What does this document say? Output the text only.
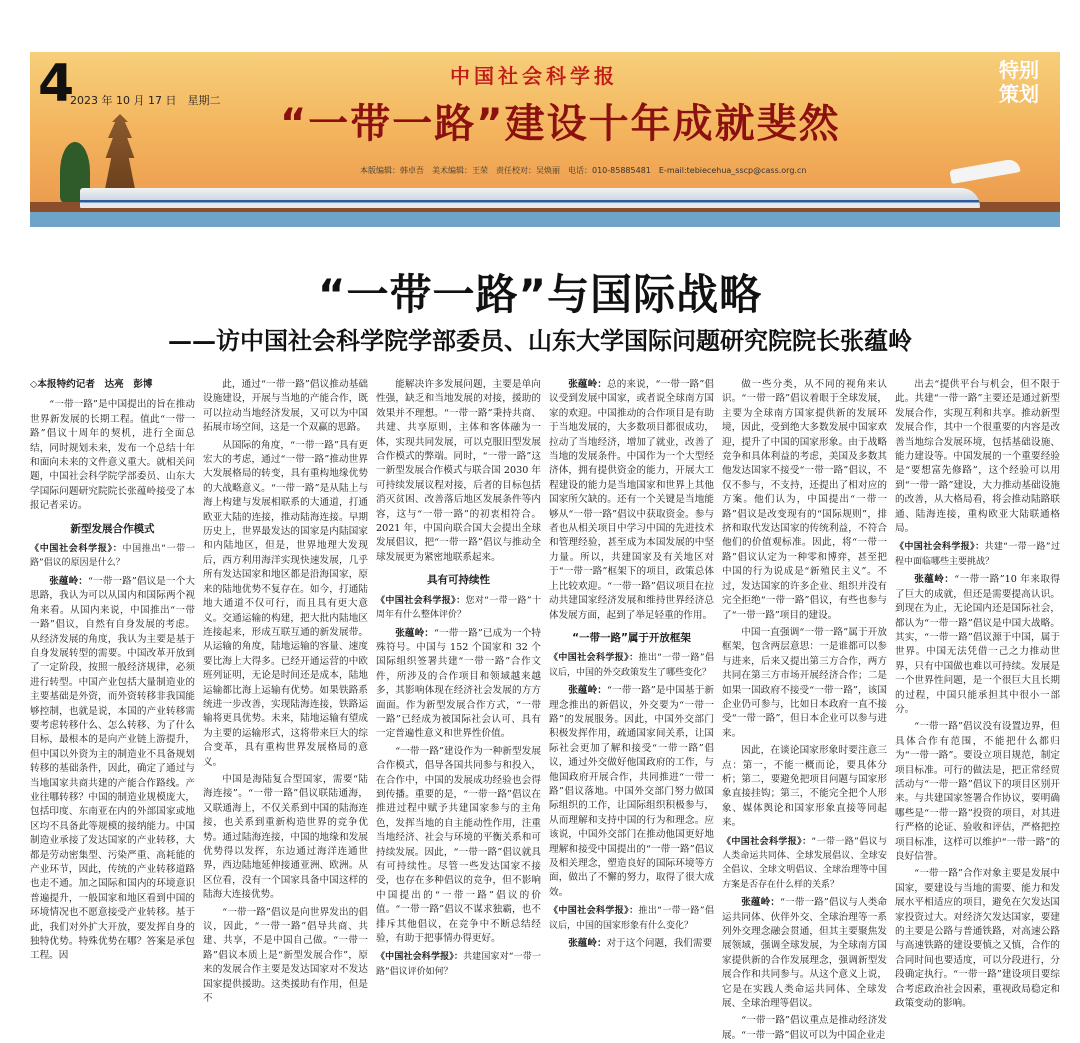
4
2023 年 10 月 17 日　星期二
中国社会科学报
“一带一路”建设十年成就斐然
特别策划
本版编辑：韩卓吾　美术编辑：王荣　责任校对：吴焕丽　电话：010-85885481　E-mail:tebiecehua_sscp@cass.org.cn
“一带一路”与国际战略
——访中国社会科学院学部委员、山东大学国际问题研究院院长张蕴岭

◇本报特约记者　达亮　彭博

“一带一路”是中国提出的旨在推动世界新发展的长期工程。值此“一带一路”倡议十周年的契机，进行全面总结，同时规划未来，发布一个总结十年和面向未来的文件意义重大。就相关问题，中国社会科学院学部委员、山东大学国际问题研究院院长张蕴岭接受了本报记者采访。

新型发展合作模式

《中国社会科学报》：中国推出“一带一路”倡议的原因是什么？

张蕴岭：“一带一路”倡议是一个大思路，我认为可以从国内和国际两个视角来看。从国内来说，中国推出“一带一路”倡议，自然有自身发展的考虑。从经济发展的角度，我认为主要是基于自身发展转型的需要。中国改革开放到了一定阶段，按照一般经济规律，必须进行转型。中国产业包括大量制造业的主要基础是外资，而外资转移非我国能够控制，也就是说，本国的产业转移需要考虑转移什么、怎么转移、为了什么目标，最根本的是向产业链上游提升，但中国以外资为主的制造业不具备规划转移的基础条件，因此，确定了通过与当地国家共商共建的产能合作路线。产业往哪转移？中国的制造业规模庞大，包括印度、东南亚在内的外部国家或地区均不具备此等规模的接纳能力。中国制造业承接了发达国家的产业转移，大都是劳动密集型、污染严重、高耗能的产业环节，因此，传统的产业转移道路也走不通。加之国际和国内的环境意识普遍提升，一般国家和地区看到中国的环境情况也不愿意接受产业转移。基于此，我们对外扩大开放，要发挥自身的独特优势。特殊优势在哪？答案是承包工程。因

此，通过“一带一路”倡议推动基础设施建设，开展与当地的产能合作，既可以拉动当地经济发展，又可以为中国拓展市场空间，这是一个双赢的思路。

从国际的角度，“一带一路”具有更宏大的考虑，通过“一带一路”推动世界大发展格局的转变，具有重构地缘优势的大战略意义。“一带一路”是从陆上与海上构建与发展相联系的大通道，打通欧亚大陆的连接，推动陆海连接。早期历史上，世界最发达的国家是内陆国家和内陆地区，但是，世界地理大发现后，西方利用海洋实现快速发展，几乎所有发达国家和地区都是沿海国家，原来的陆地优势不复存在。如今，打通陆地大通道不仅可行，而且具有更大意义。交通运输的构建，把大批内陆地区连接起来，形成互联互通的新发展带。从运输的角度，陆地运输的容量、速度要比海上大得多。已经开通运营的中欧班列证明，无论是时间还是成本，陆地运输都比海上运输有优势。如果铁路系统进一步改善，实现陆海连接，铁路运输将更具优势。未来，陆地运输有望成为主要的运输形式，这将带来巨大的综合变革，具有重构世界发展格局的意义。

中国是海陆复合型国家，需要“陆海连接”。“一带一路”倡议联陆通海，又联通海上，不仅关系到中国的陆海连接，也关系到重新构造世界的竞争优势。通过陆海连接，中国的地缘和发展优势得以发挥，东边通过海洋连通世界，西边陆地延伸接通亚洲、欧洲。从区位看，没有一个国家具备中国这样的陆海大连接优势。

“一带一路”倡议是向世界发出的倡议，因此，“一带一路”倡导共商、共建、共享，不是中国自己做。“一带一路”倡议本质上是“新型发展合作”，原来的发展合作主要是发达国家对不发达国家提供援助。这类援助有作用，但是不

能解决许多发展问题，主要是单向性强，缺乏和当地发展的对接，援助的效果并不理想。“一带一路”秉持共商、共建、共享原则，主体和客体融为一体，实现共同发展，可以克服旧型发展合作模式的弊端。同时，“一带一路”这一新型发展合作模式与联合国 2030 年可持续发展议程对接，后者的目标包括消灭贫困、改善落后地区发展条件等内容，这与“一带一路”的初衷相符合。2021 年，中国向联合国大会提出全球发展倡议，把“一带一路”倡议与推动全球发展更为紧密地联系起来。

具有可持续性

《中国社会科学报》：您对“一带一路”十周年有什么整体评价？

张蕴岭：“一带一路”已成为一个特殊符号。中国与 152 个国家和 32 个国际组织签署共建“一带一路”合作文件，所涉及的合作项目和领域越来越多，其影响体现在经济社会发展的方方面面。作为新型发展合作方式，“一带一路”已经成为被国际社会认可、具有一定普遍性意义和世界性价值。

“一带一路”建设作为一种新型发展合作模式，倡导各国共同参与和投入，在合作中，中国的发展成功经验也会得到传播。重要的是，“一带一路”倡议在推进过程中赋予共建国家参与的主角色，发挥当地的自主能动性作用，注重当地经济、社会与环境的平衡关系和可持续发展。因此，“一带一路”倡议就具有可持续性。尽管一些发达国家不接受，也存在多种倡议的竞争，但不影响中国提出的“一带一路”倡议的价值。“一带一路”倡议不谋求独霸，也不排斥其他倡议，在竞争中不断总结经验，有助于把事情办得更好。

《中国社会科学报》：共建国家对“一带一路”倡议评价如何？

张蕴岭：总的来说，“一带一路”倡议受到发展中国家，或者说全球南方国家的欢迎。中国推动的合作项目是有助于当地发展的，大多数项目都很成功，拉动了当地经济，增加了就业，改善了当地的发展条件。中国作为一个大型经济体，拥有提供资金的能力，开展大工程建设的能力是当地国家和世界上其他国家所欠缺的。还有一个关键是当地能够从“一带一路”倡议中获取资金。参与者也从相关项目中学习中国的先进技术和管理经验，甚至成为本国发展的中坚力量。所以，共建国家及有关地区对于“一带一路”框架下的项目，政策总体上比较欢迎。“一带一路”倡议项目在拉动共建国家经济发展和维持世界经济总体发展方面，起到了举足轻重的作用。

“一带一路”属于开放框架

《中国社会科学报》：推出“一带一路”倡议后，中国的外交政策发生了哪些变化？

张蕴岭：“一带一路”是中国基于新理念推出的新倡议，外交要为“一带一路”的发展服务。因此，中国外交部门积极发挥作用，疏通国家间关系，让国际社会更加了解和接受“一带一路”倡议，通过外交做好他国政府的工作，与他国政府开展合作，共同推进“一带一路”倡议落地。中国外交部门努力做国际组织的工作，让国际组织积极参与，从而理解和支持中国的行为和理念。应该说，中国外交部门在推动他国更好地理解和接受中国提出的“一带一路”倡议及相关理念，塑造良好的国际环境等方面，做出了不懈的努力，取得了很大成效。

《中国社会科学报》：推出“一带一路”倡议后，中国的国家形象有什么变化？

张蕴岭：对于这个问题，我们需要

做一些分类，从不同的视角来认识。“一带一路”倡议着眼于全球发展，主要为全球南方国家提供新的发展环境，因此，受到绝大多数发展中国家欢迎，提升了中国的国家形象。由于战略竞争和具体利益的考虑，美国及多数其他发达国家不接受“一带一路”倡议，不仅不参与，不支持，还提出了相对应的方案。他们认为，中国提出“一带一路”倡议是改变现有的“国际规则”，排挤和取代发达国家的传统利益，不符合他们的价值观标准。因此，将“一带一路”倡议认定为一种零和博弈，甚至把中国的行为说成是“新殖民主义”。不过，发达国家的许多企业、组织并没有完全拒绝“一带一路”倡议，有些也参与了“一带一路”项目的建设。

中国一直强调“一带一路”属于开放框架，包含两层意思：一是谁都可以参与进来，后来又提出第三方合作，两方共同在第三方市场开展经济合作；二是如果一国政府不接受“一带一路”，该国企业仍可参与，比如日本政府一直不接受“一带一路”，但日本企业可以参与进来。

因此，在谈论国家形象时要注意三点：第一，不能一概而论，要具体分析；第二，要避免把项目问题与国家形象直接挂钩；第三，不能完全把个人形象、媒体舆论和国家形象直接等同起来。

《中国社会科学报》：“一带一路”倡议与人类命运共同体、全球发展倡议、全球安全倡议、全球文明倡议、全球治理等中国方案是否存在什么样的关系？

张蕴岭：“一带一路”倡议与人类命运共同体、伙伴外交、全球治理等一系列外交理念融会贯通，但其主要聚焦发展领域，强调全球发展，为全球南方国家提供新的合作发展理念，强调新型发展合作和共同参与。从这个意义上说，它是在实践人类命运共同体、全球发展、全球治理等倡议。

“一带一路”倡议重点是推动经济发展。“一带一路”倡议可以为中国企业走

出去“提供平台与机会，但不限于此。共建“一带一路”主要还是通过新型发展合作，实现互利和共享。推动新型发展合作，其中一个很重要的内容是改善当地综合发展环境，包括基础设施、能力建设等。中国发展的一个重要经验是“要想富先修路”，这个经验可以用到“一带一路”建设，大力推动基础设施的改善，从大格局看，将会推动陆路联通、陆海连接，重构欧亚大陆联通格局。

《中国社会科学报》：共建“一带一路”过程中面临哪些主要挑战？

张蕴岭：“一带一路”10 年来取得了巨大的成就，但还是需要提高认识。到现在为止，无论国内还是国际社会，都认为“一带一路”倡议是中国大战略。其实，“一带一路”倡议源于中国，属于世界。中国无法凭借一己之力推动世界，只有中国做也难以可持续。发展是一个世界性问题，是一个很巨大且长期的过程，中国只能承担其中很小一部分。

“一带一路”倡议没有设置边界，但具体合作有范围，不能把什么都归为“一带一路”。要设立项目规范，制定项目标准。可行的做法是，把正常经贸活动与“一带一路”倡议下的项目区别开来。与共建国家签署合作协议，要明确哪些是“一带一路”投资的项目，对其进行严格的论证、验收和评估，严格把控项目标准，这样可以维护“一带一路”的良好信誉。

“一带一路”合作对象主要是发展中国家，要建设与当地的需要、能力和发展水平相适应的项目，避免在欠发达国家投资过大。对经济欠发达国家，要建的主要是公路与普通铁路，对高速公路与高速铁路的建设要慎之又慎，合作的合同时间也要适度，可以分段进行，分段确定执行。“一带一路”建设项目要综合考虑政治社会因素，重视政局稳定和政策变动的影响。
